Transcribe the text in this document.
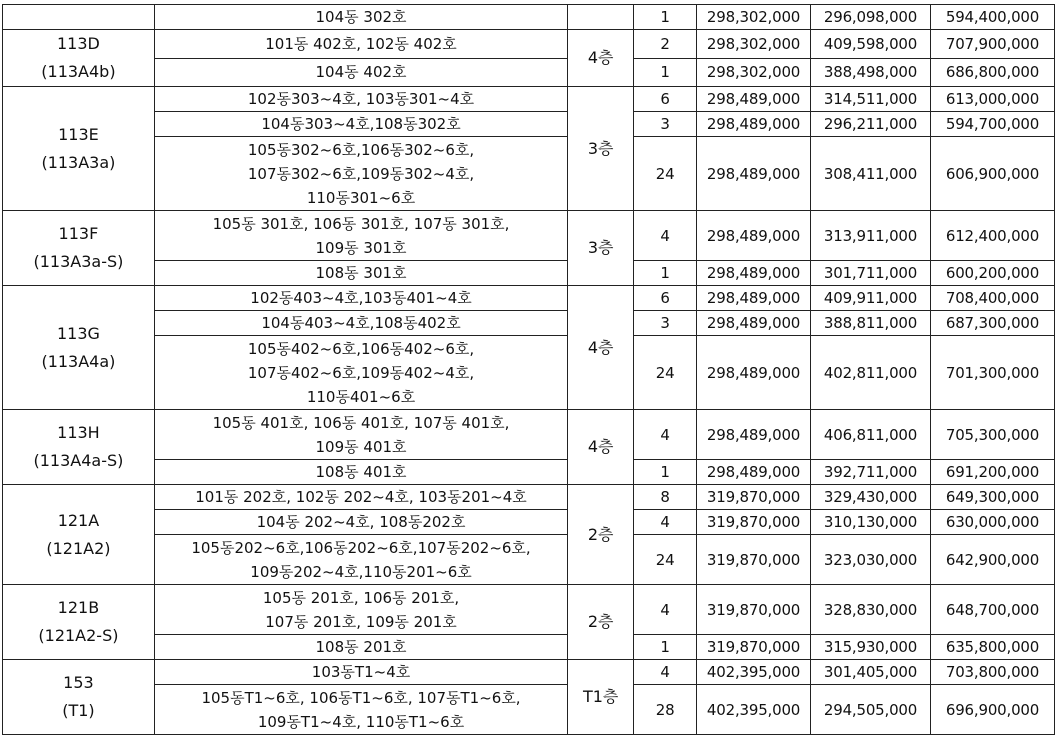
	104동 302호		1	298,302,000	296,098,000	594,400,000

113D
(113A4b)	101동 402호, 102동 402호	4층	2	298,302,000	409,598,000	707,900,000

	104동 402호		1	298,302,000	388,498,000	686,800,000

113E
(113A3a)	102동303~4호, 103동301~4호	3층	6	298,489,000	314,511,000	613,000,000

	104동303~4호,108동302호		3	298,489,000	296,211,000	594,700,000

	105동302~6호,106동302~6호,
107동302~6호,109동302~4호,
110동301~6호		24	298,489,000	308,411,000	606,900,000

113F
(113A3a-S)	105동 301호, 106동 301호, 107동 301호,
109동 301호	3층	4	298,489,000	313,911,000	612,400,000

	108동 301호		1	298,489,000	301,711,000	600,200,000

113G
(113A4a)	102동403~4호,103동401~4호	4층	6	298,489,000	409,911,000	708,400,000

	104동403~4호,108동402호		3	298,489,000	388,811,000	687,300,000

	105동402~6호,106동402~6호,
107동402~6호,109동402~4호,
110동401~6호		24	298,489,000	402,811,000	701,300,000

113H
(113A4a-S)	105동 401호, 106동 401호, 107동 401호,
109동 401호	4층	4	298,489,000	406,811,000	705,300,000

	108동 401호		1	298,489,000	392,711,000	691,200,000

121A
(121A2)	101동 202호, 102동 202~4호, 103동201~4호	2층	8	319,870,000	329,430,000	649,300,000

	104동 202~4호, 108동202호		4	319,870,000	310,130,000	630,000,000

	105동202~6호,106동202~6호,107동202~6호,
109동202~4호,110동201~6호		24	319,870,000	323,030,000	642,900,000

121B
(121A2-S)	105동 201호, 106동 201호,
107동 201호, 109동 201호	2층	4	319,870,000	328,830,000	648,700,000

	108동 201호		1	319,870,000	315,930,000	635,800,000

153
(T1)	103동T1~4호	T1층	4	402,395,000	301,405,000	703,800,000

	105동T1~6호, 106동T1~6호, 107동T1~6호,
109동T1~4호, 110동T1~6호		28	402,395,000	294,505,000	696,900,000
